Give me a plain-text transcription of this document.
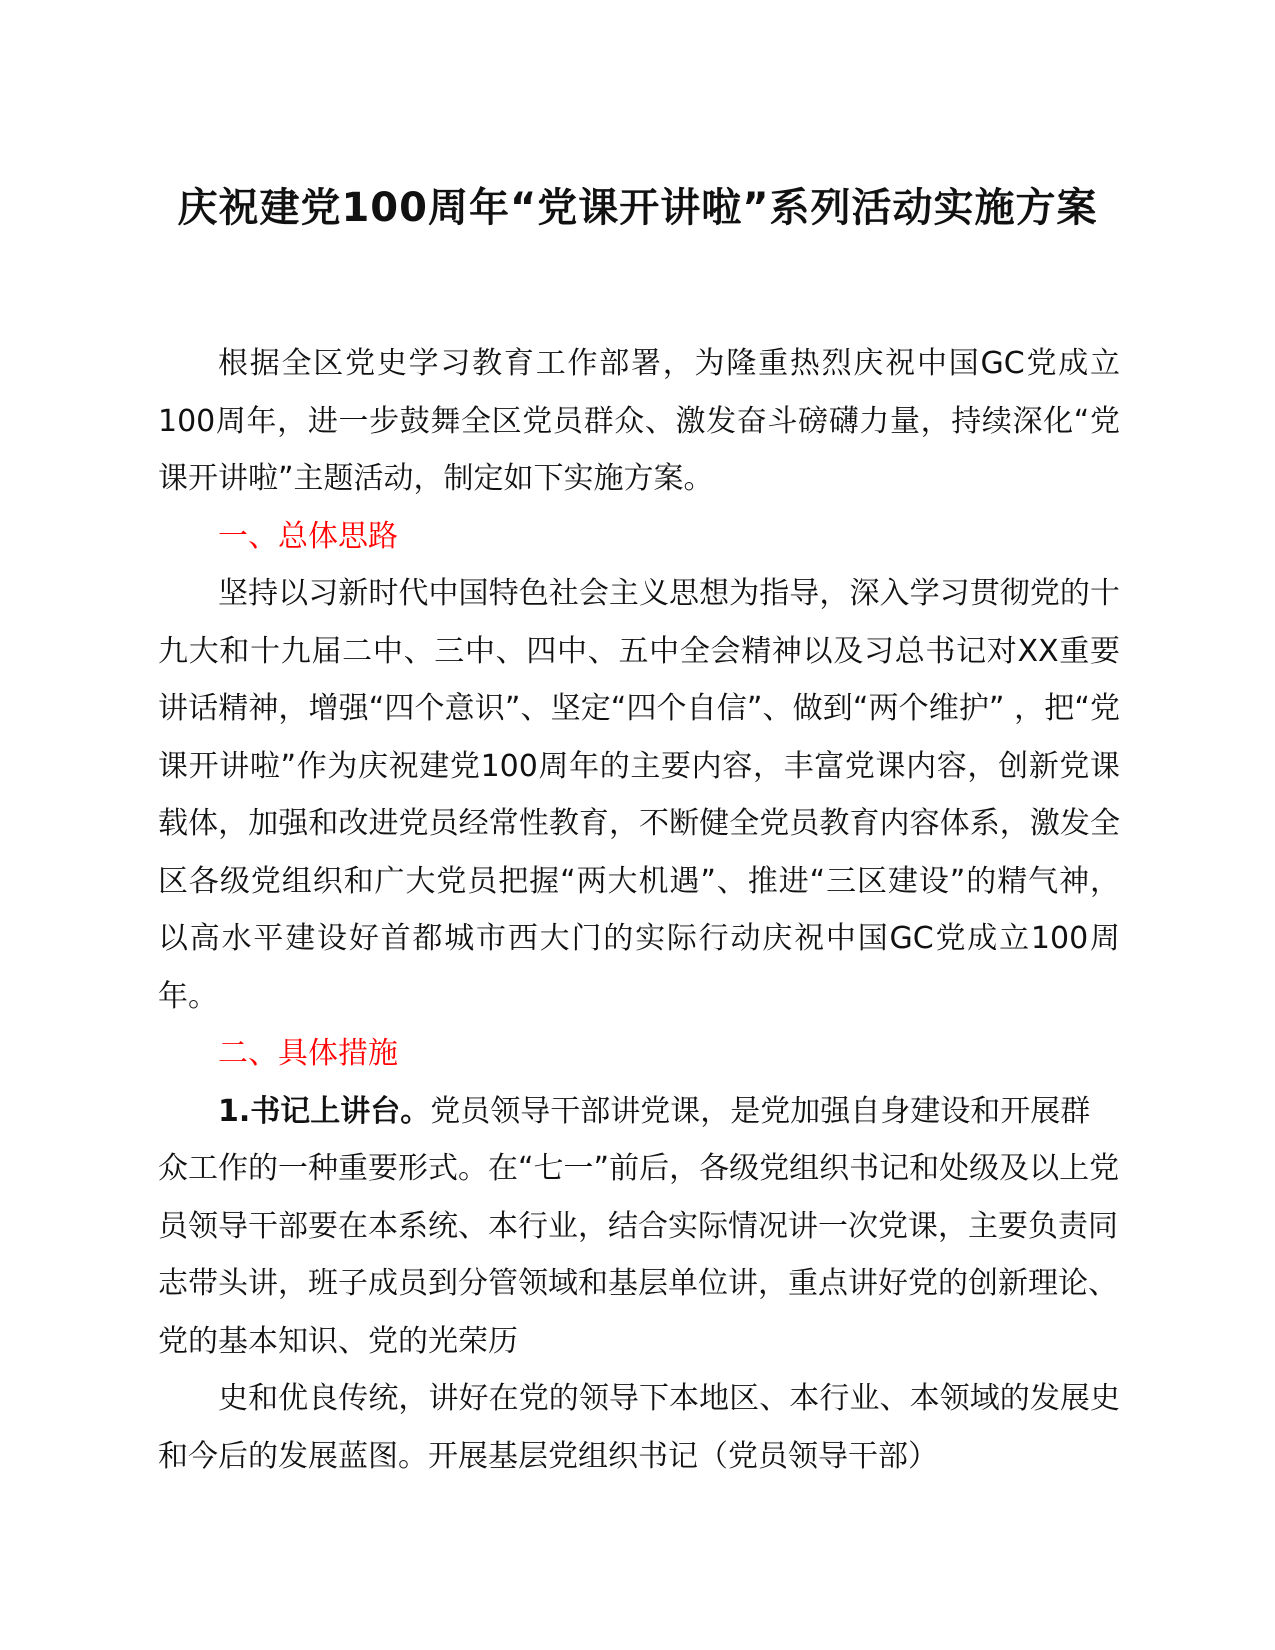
庆祝建党100周年“党课开讲啦”系列活动实施方案

根据全区党史学习教育工作部署，为隆重热烈庆祝中国GC党成立100周年，进一步鼓舞全区党员群众、激发奋斗磅礴力量，持续深化“党课开讲啦”主题活动，制定如下实施方案。

一、总体思路

坚持以习新时代中国特色社会主义思想为指导，深入学习贯彻党的十九大和十九届二中、三中、四中、五中全会精神以及习总书记对XX重要讲话精神，增强“四个意识”、坚定“四个自信”、做到“两个维护” ，把“党课开讲啦”作为庆祝建党100周年的主要内容，丰富党课内容，创新党课载体，加强和改进党员经常性教育，不断健全党员教育内容体系，激发全区各级党组织和广大党员把握“两大机遇”、推进“三区建设”的精气神，以高水平建设好首都城市西大门的实际行动庆祝中国GC党成立100周年。

二、具体措施

1.书记上讲台。党员领导干部讲党课，是党加强自身建设和开展群众工作的一种重要形式。在“七一”前后，各级党组织书记和处级及以上党员领导干部要在本系统、本行业，结合实际情况讲一次党课，主要负责同志带头讲，班子成员到分管领域和基层单位讲，重点讲好党的创新理论、党的基本知识、党的光荣历

史和优良传统，讲好在党的领导下本地区、本行业、本领域的发展史和今后的发展蓝图。开展基层党组织书记（党员领导干部）
